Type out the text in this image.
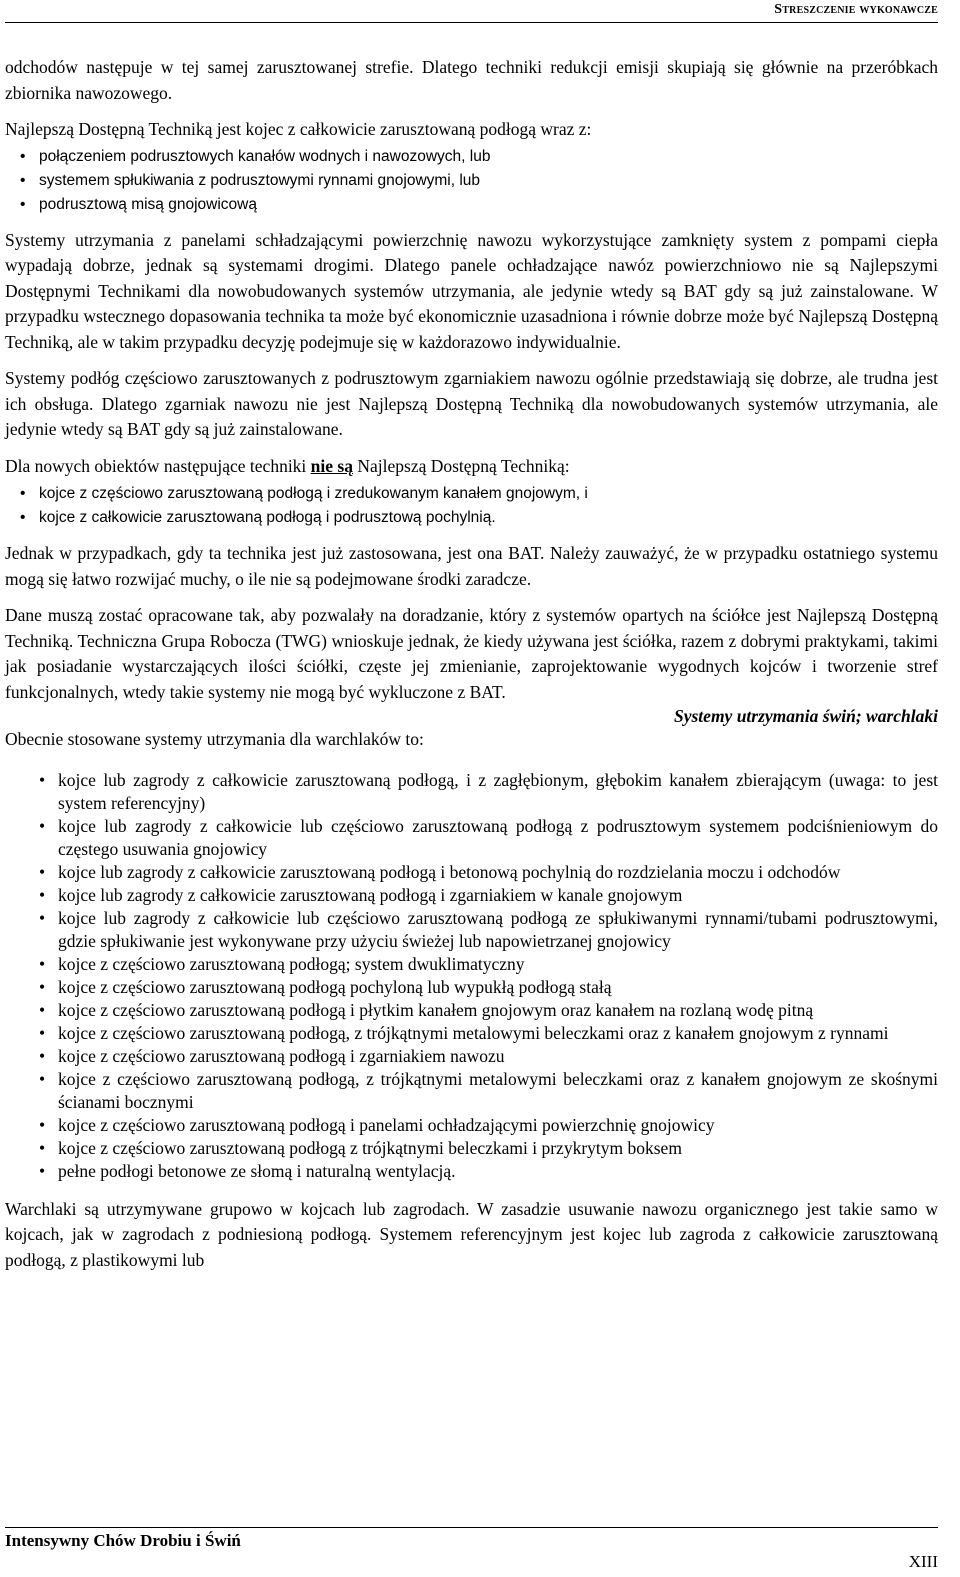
Streszczenie wykonawcze

odchodów następuje w tej samej zarusztowanej strefie. Dlatego techniki redukcji emisji skupiają się głównie na przeróbkach zbiornika nawozowego.

Najlepszą Dostępną Techniką jest kojec z całkowicie zarusztowaną podłogą wraz z:

• połączeniem podrusztowych kanałów wodnych i nawozowych, lub
• systemem spłukiwania z podrusztowymi rynnami gnojowymi, lub
• podrusztową misą gnojowicową

Systemy utrzymania z panelami schładzającymi powierzchnię nawozu wykorzystujące zamknięty system z pompami ciepła wypadają dobrze, jednak są systemami drogimi. Dlatego panele ochładzające nawóz powierzchniowo nie są Najlepszymi Dostępnymi Technikami dla nowobudowanych systemów utrzymania, ale jedynie wtedy są BAT gdy są już zainstalowane. W przypadku wstecznego dopasowania technika ta może być ekonomicznie uzasadniona i równie dobrze może być Najlepszą Dostępną Techniką, ale w takim przypadku decyzję podejmuje się w każdorazowo indywidualnie.

Systemy podłóg częściowo zarusztowanych z podrusztowym zgarniakiem nawozu ogólnie przedstawiają się dobrze, ale trudna jest ich obsługa. Dlatego zgarniak nawozu nie jest Najlepszą Dostępną Techniką dla nowobudowanych systemów utrzymania, ale jedynie wtedy są BAT gdy są już zainstalowane.

Dla nowych obiektów następujące techniki nie są Najlepszą Dostępną Techniką:

• kojce z częściowo zarusztowaną podłogą i zredukowanym kanałem gnojowym, i
• kojce z całkowicie zarusztowaną podłogą i podrusztową pochylnią.

Jednak w przypadkach, gdy ta technika jest już zastosowana, jest ona BAT. Należy zauważyć, że w przypadku ostatniego systemu mogą się łatwo rozwijać muchy, o ile nie są podejmowane środki zaradcze.

Dane muszą zostać opracowane tak, aby pozwalały na doradzanie, który z systemów opartych na ściółce jest Najlepszą Dostępną Techniką. Techniczna Grupa Robocza (TWG) wnioskuje jednak, że kiedy używana jest ściółka, razem z dobrymi praktykami, takimi jak posiadanie wystarczających ilości ściółki, częste jej zmienianie, zaprojektowanie wygodnych kojców i tworzenie stref funkcjonalnych, wtedy takie systemy nie mogą być wykluczone z BAT.

Systemy utrzymania świń; warchlaki

Obecnie stosowane systemy utrzymania dla warchlaków to:

• kojce lub zagrody z całkowicie zarusztowaną podłogą, i z zagłębionym, głębokim kanałem zbierającym (uwaga: to jest system referencyjny)
• kojce lub zagrody z całkowicie lub częściowo zarusztowaną podłogą z podrusztowym systemem podciśnieniowym do częstego usuwania gnojowicy
• kojce lub zagrody z całkowicie zarusztowaną podłogą i betonową pochylnią do rozdzielania moczu i odchodów
• kojce lub zagrody z całkowicie zarusztowaną podłogą i zgarniakiem w kanale gnojowym
• kojce lub zagrody z całkowicie lub częściowo zarusztowaną podłogą ze spłukiwanymi rynnami/tubami podrusztowymi, gdzie spłukiwanie jest wykonywane przy użyciu świeżej lub napowietrzanej gnojowicy
• kojce z częściowo zarusztowaną podłogą; system dwuklimatyczny
• kojce z częściowo zarusztowaną podłogą pochyloną lub wypukłą podłogą stałą
• kojce z częściowo zarusztowaną podłogą i płytkim kanałem gnojowym oraz kanałem na rozlaną wodę pitną
• kojce z częściowo zarusztowaną podłogą, z trójkątnymi metalowymi beleczkami oraz z kanałem gnojowym z rynnami
• kojce z częściowo zarusztowaną podłogą i zgarniakiem nawozu
• kojce z częściowo zarusztowaną podłogą, z trójkątnymi metalowymi beleczkami oraz z kanałem gnojowym ze skośnymi ścianami bocznymi
• kojce z częściowo zarusztowaną podłogą i panelami ochładzającymi powierzchnię gnojowicy
• kojce z częściowo zarusztowaną podłogą z trójkątnymi beleczkami i przykrytym boksem
• pełne podłogi betonowe ze słomą i naturalną wentylacją.

Warchlaki są utrzymywane grupowo w kojcach lub zagrodach. W zasadzie usuwanie nawozu organicznego jest takie samo w kojcach, jak w zagrodach z podniesioną podłogą. Systemem referencyjnym jest kojec lub zagroda z całkowicie zarusztowaną podłogą, z plastikowymi lub

Intensywny Chów Drobiu i Świń
XIII
